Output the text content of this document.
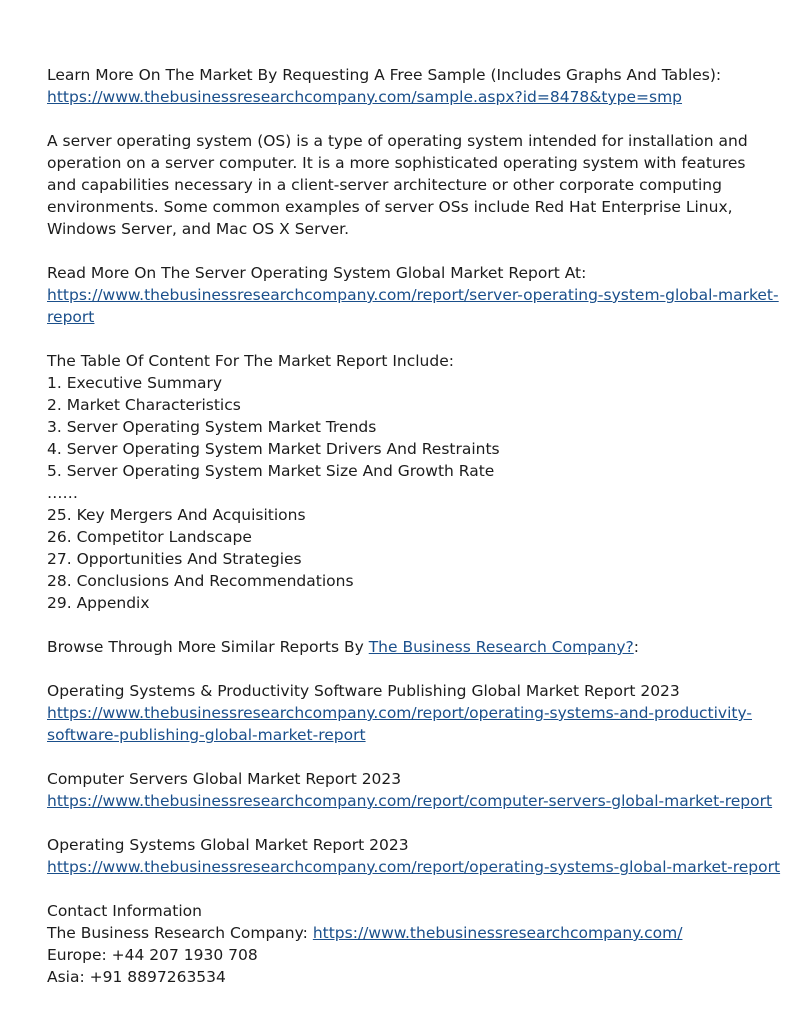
Learn More On The Market By Requesting A Free Sample (Includes Graphs And Tables):
https://www.thebusinessresearchcompany.com/sample.aspx?id=8478&type=smp
A server operating system (OS) is a type of operating system intended for installation and operation on a server computer. It is a more sophisticated operating system with features and capabilities necessary in a client-server architecture or other corporate computing environments. Some common examples of server OSs include Red Hat Enterprise Linux, Windows Server, and Mac OS X Server.
Read More On The Server Operating System Global Market Report At:
https://www.thebusinessresearchcompany.com/report/server-operating-system-global-market-
report
The Table Of Content For The Market Report Include:
1. Executive Summary
2. Market Characteristics
3. Server Operating System Market Trends
4. Server Operating System Market Drivers And Restraints
5. Server Operating System Market Size And Growth Rate
……
25. Key Mergers And Acquisitions
26. Competitor Landscape
27. Opportunities And Strategies
28. Conclusions And Recommendations
29. Appendix
Browse Through More Similar Reports By The Business Research Company?:
Operating Systems & Productivity Software Publishing Global Market Report 2023
https://www.thebusinessresearchcompany.com/report/operating-systems-and-productivity-
software-publishing-global-market-report
Computer Servers Global Market Report 2023
https://www.thebusinessresearchcompany.com/report/computer-servers-global-market-report
Operating Systems Global Market Report 2023
https://www.thebusinessresearchcompany.com/report/operating-systems-global-market-report
Contact Information
The Business Research Company: https://www.thebusinessresearchcompany.com/
Europe: +44 207 1930 708
Asia: +91 8897263534
